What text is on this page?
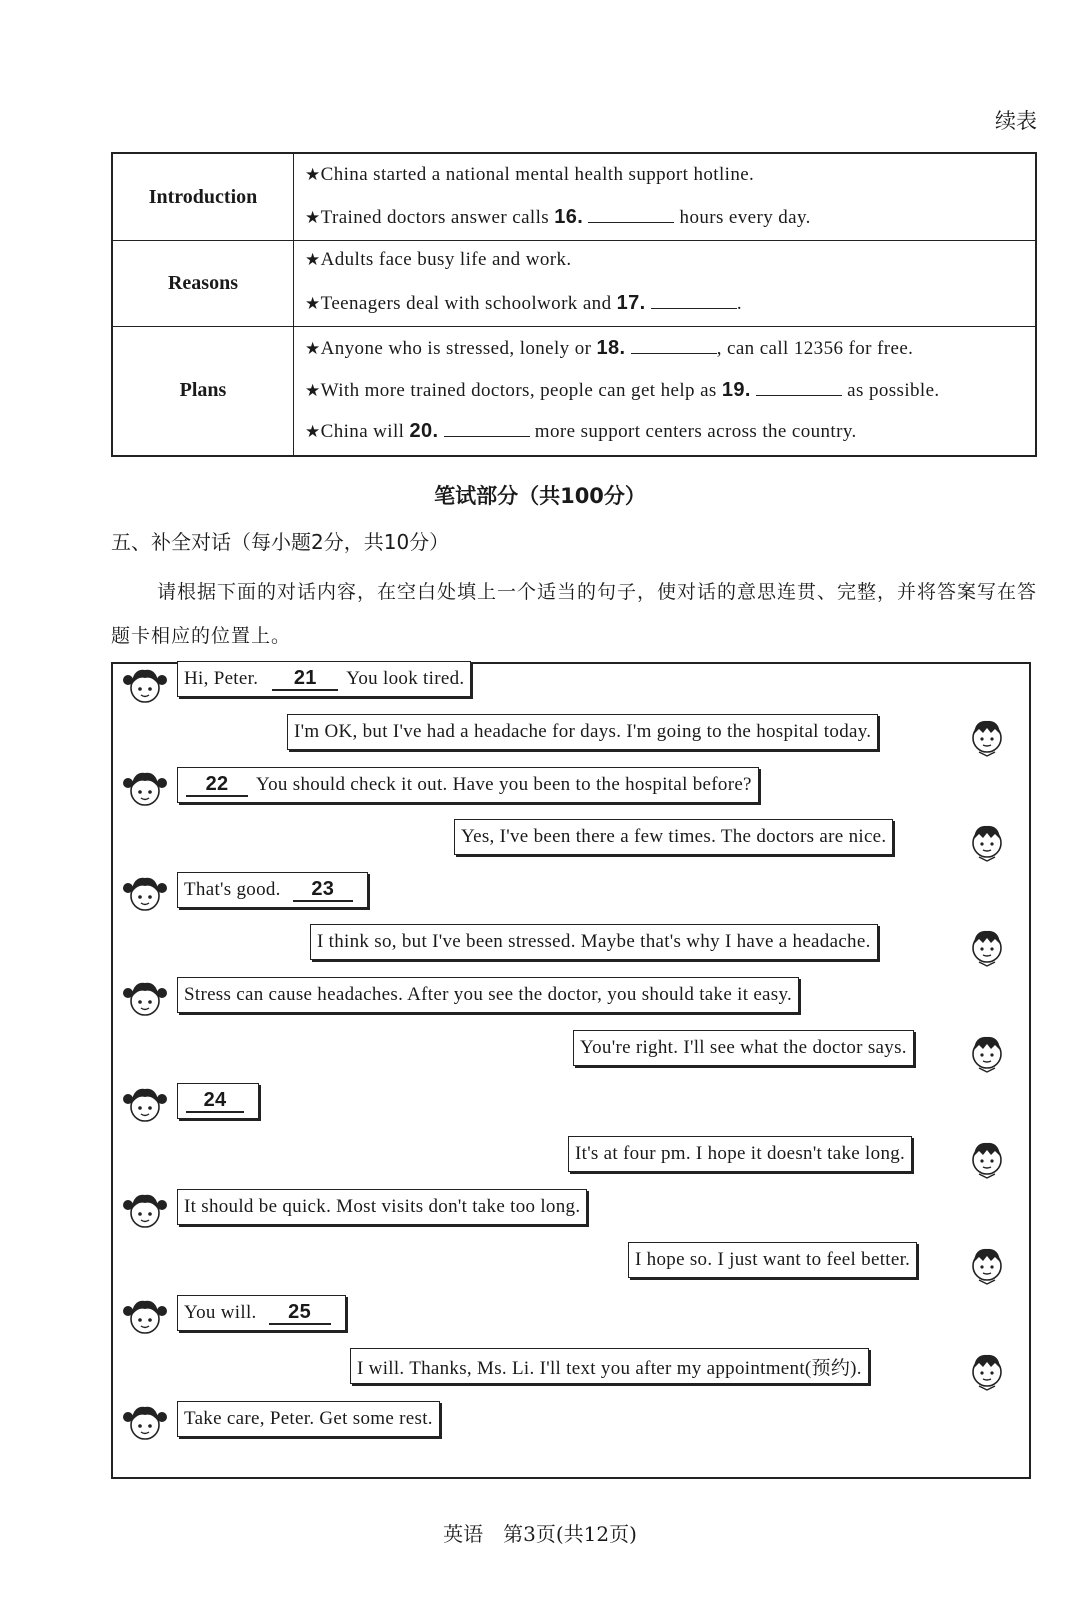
续表
Introduction
★China started a national mental health support hotline.
★Trained doctors answer calls 16.	hours every day.
Reasons
★Adults face busy life and work.
★Teenagers deal with schoolwork and 17.	.
Plans
★Anyone who is stressed, lonely or 18.	, can call 12356 for free.
★With more trained doctors, people can get help as 19.	as possible.
★China will 20.	more support centers across the country.
笔试部分（共100分）
五、补全对话（每小题2分，共10分）
请根据下面的对话内容，在空白处填上一个适当的句子，使对话的意思连贯、完整，并将答案写在答题卡相应的位置上。
Hi, Peter.	21	You look tired.
I'm OK, but I've had a headache for days. I'm going to the hospital today.
22	You should check it out. Have you been to the hospital before?
Yes, I've been there a few times. The doctors are nice.
That's good.	23
I think so, but I've been stressed. Maybe that's why I have a headache.
Stress can cause headaches. After you see the doctor, you should take it easy.
You're right. I'll see what the doctor says.
24
It's at four pm. I hope it doesn't take long.
It should be quick. Most visits don't take too long.
I hope so. I just want to feel better.
You will.	25
I will. Thanks, Ms. Li. I'll text you after my appointment(预约).
Take care, Peter. Get some rest.
英语　第3页(共12页)
